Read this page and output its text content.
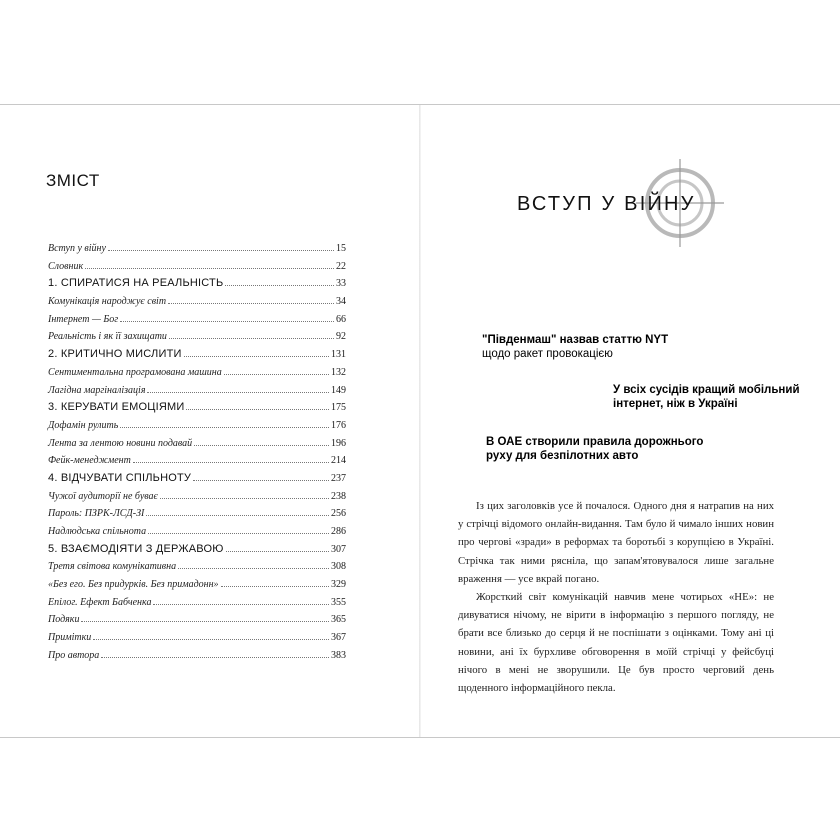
ЗМІСТ
Вступ у війну	15
Словник	22
1. СПИРАТИСЯ НА РЕАЛЬНІСТЬ	33
Комунікація народжує світ	34
Інтернет — Бог	66
Реальність і як її захищати	92
2. КРИТИЧНО МИСЛИТИ	131
Сентиментальна програмована машина	132
Лагідна маргіналізація	149
3. КЕРУВАТИ ЕМОЦІЯМИ	175
Дофамін рулить	176
Лента за лентою новини подавай	196
Фейк-менеджмент	214
4. ВІДЧУВАТИ СПІЛЬНОТУ	237
Чужої аудиторії не буває	238
Пароль: ПЗРК-ЛСД-ЗІ	256
Надлюдська спільнота	286
5. ВЗАЄМОДІЯТИ З ДЕРЖАВОЮ	307
Третя світова комунікативна	308
«Без его. Без придурків. Без примадонн»	329
Епілог. Ефект Бабченка	355
Подяки	365
Примітки	367
Про автора	383
ВСТУП У ВІЙНУ
"Південмаш" назвав статтю NYT
щодо ракет провокацією
У всіх сусідів кращий мобільний інтернет, ніж в Україні
В ОАЕ створили правила дорожнього руху для безпілотних авто

Із цих заголовків усе й почалося. Одного дня я натрапив на них у стрічці відомого онлайн-видання. Там було й чимало інших новин про чергові «зради» в реформах та боротьбі з корупцією в Україні. Стрічка так ними рясніла, що запам'ятовувалося лише загальне враження — усе вкрай погано.

Жорсткий світ комунікацій навчив мене чотирьох «НЕ»: не дивуватися нічому, не вірити в інформацію з першого погляду, не брати все близько до серця й не поспішати з оцінками. Тому ані ці новини, ані їх бурхливе обговорення в моїй стрічці у фейсбуці нічого в мені не зворушили. Це був просто черговий день щоденного інформаційного пекла.
